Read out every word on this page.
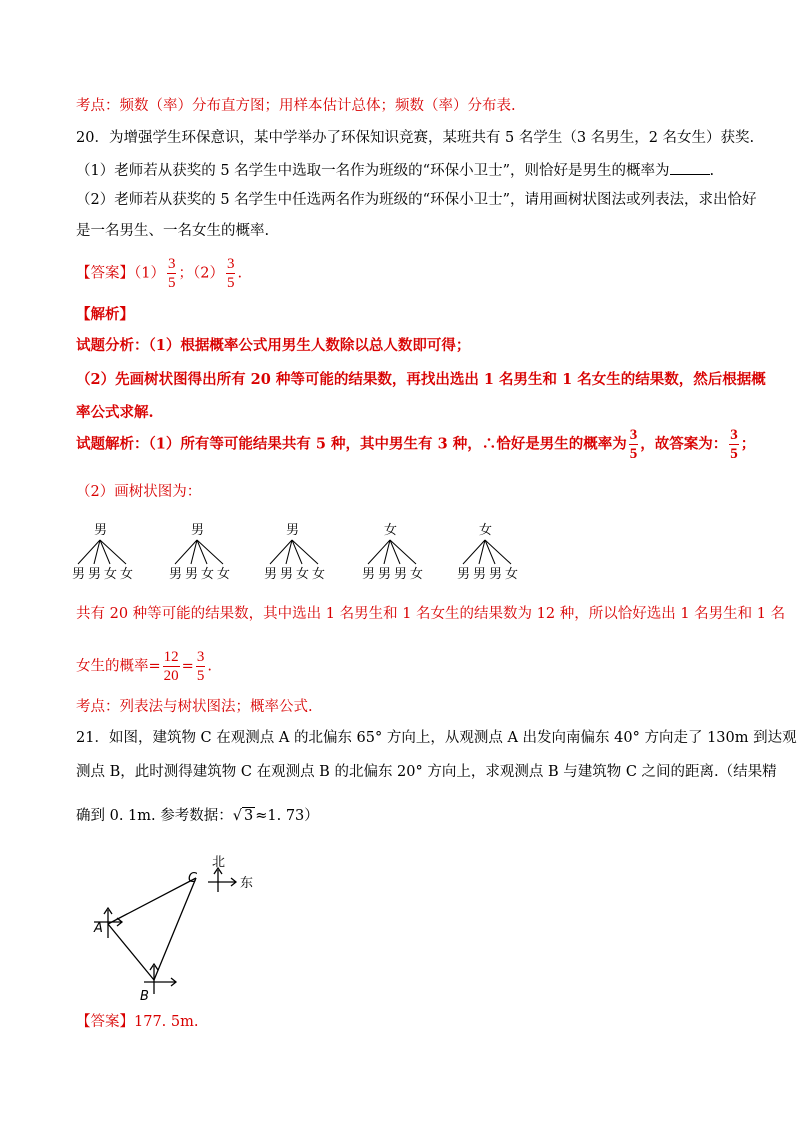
考点：频数（率）分布直方图；用样本估计总体；频数（率）分布表.
20．为增强学生环保意识，某中学举办了环保知识竞赛，某班共有 5 名学生（3 名男生，2 名女生）获奖.
（1）老师若从获奖的 5 名学生中选取一名作为班级的“环保小卫士”，则恰好是男生的概率为	.
（2）老师若从获奖的 5 名学生中任选两名作为班级的“环保小卫士”，请用画树状图法或列表法，求出恰好
是一名男生、一名女生的概率.
【答案】$(1) \frac{3}{5}$ ；$(2) \frac{3}{5}$ .
【解析】
试题分析：（1）根据概率公式用男生人数除以总人数即可得；
（2）先画树状图得出所有 20 种等可能的结果数，再找出选出 1 名男生和 1 名女生的结果数，然后根据概
率公式求解.
试题解析：（1）所有等可能结果共有 5 种，其中男生有 3 种，∴恰好是男生的概率为 $\frac{3}{5}$ ，故答案为： $\frac{3}{5}$ ；
（2）画树状图为：
男
男 男 女 女
男
男 男 女 女
男
男 男 女 女
女
男 男 男 女
女
男 男 男 女
共有 20 种等可能的结果数，其中选出 1 名男生和 1 名女生的结果数为 12 种，所以恰好选出 1 名男生和 1 名
女生的概率= $\frac{12}{20} = \frac{3}{5}$ .
考点：列表法与树状图法；概率公式.
21．如图，建筑物 C 在观测点 A 的北偏东 65° 方向上，从观测点 A 出发向南偏东 40° 方向走了 130m 到达观
测点 B，此时测得建筑物 C 在观测点 B 的北偏东 20° 方向上，求观测点 B 与建筑物 C 之间的距离.（结果精
确到 0. 1m. 参考数据：√ 3 ≈1. 73）
A
B
C
北
东
【答案】177. 5m.
